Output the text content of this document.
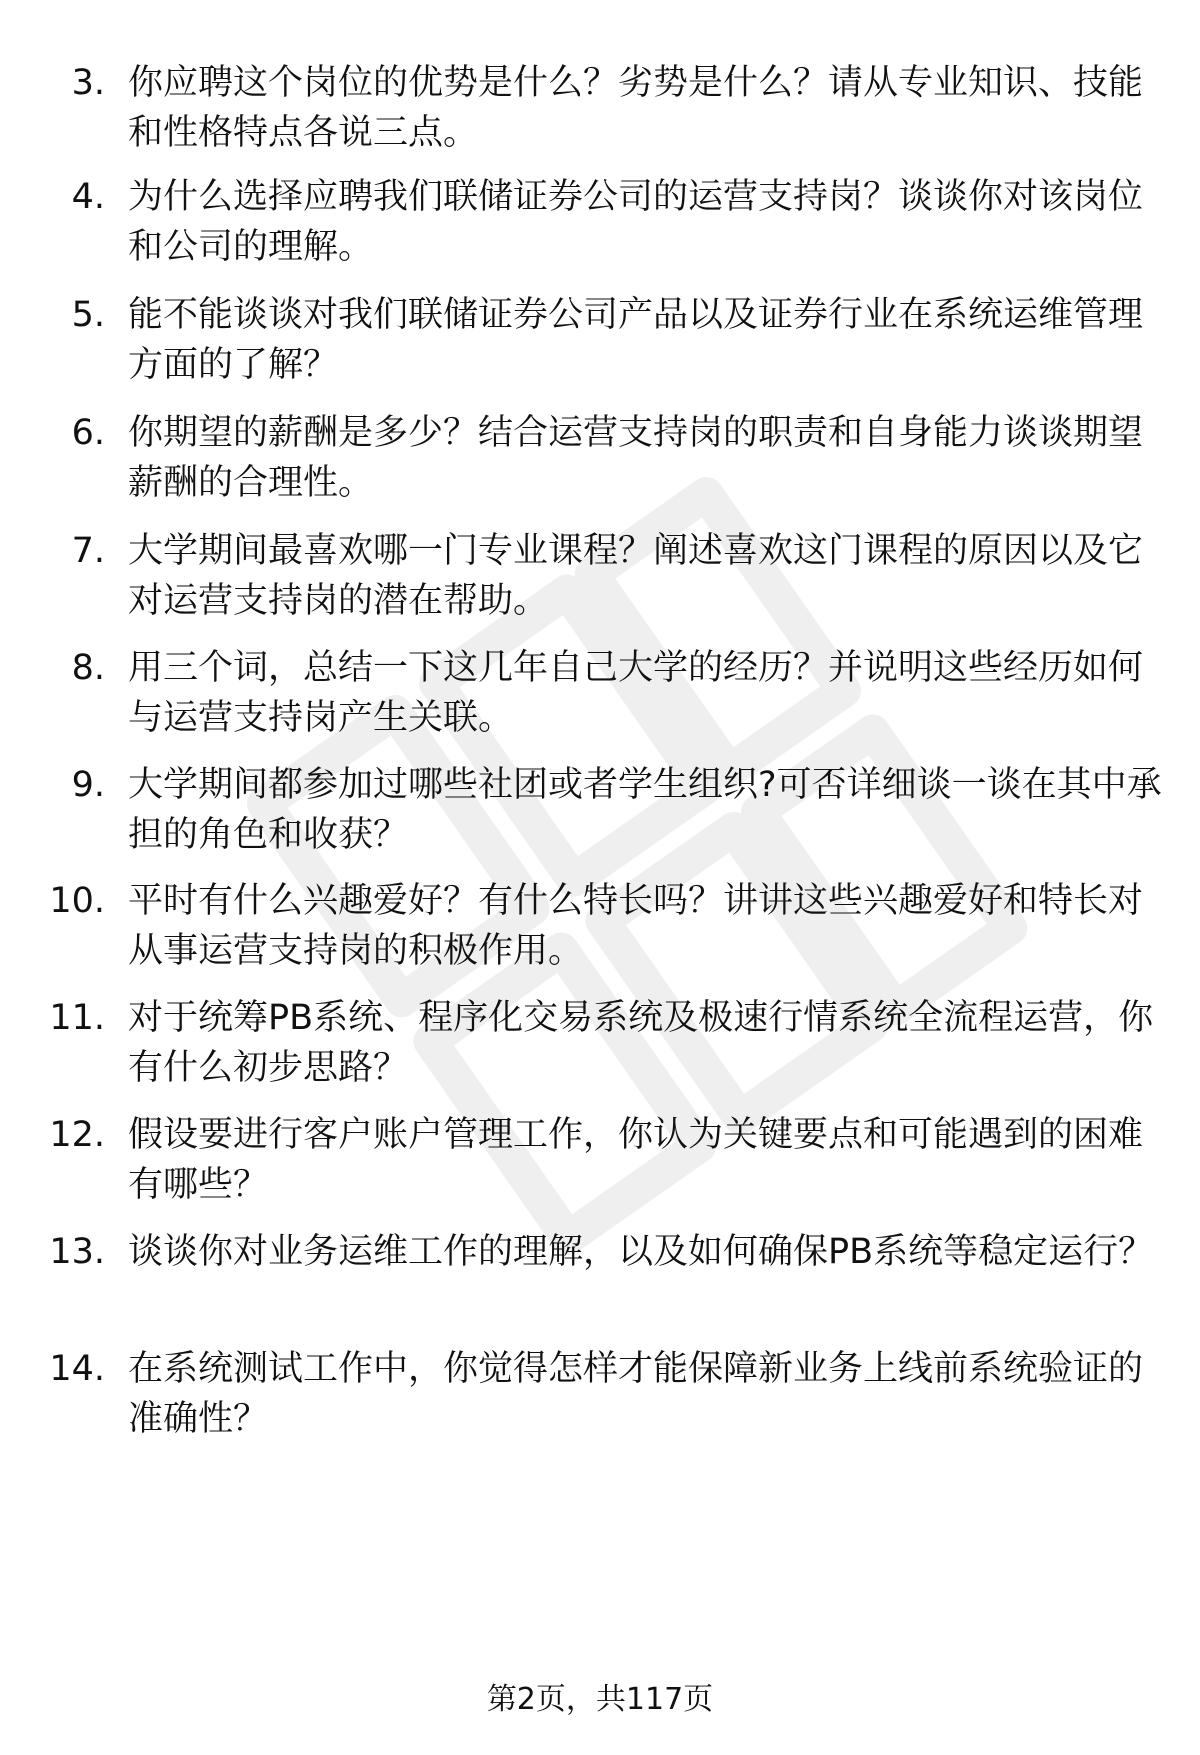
3. 你应聘这个岗位的优势是什么？劣势是什么？请从专业知识、技能和性格特点各说三点。
4. 为什么选择应聘我们联储证券公司的运营支持岗？谈谈你对该岗位和公司的理解。
5. 能不能谈谈对我们联储证券公司产品以及证券行业在系统运维管理方面的了解？
6. 你期望的薪酬是多少？结合运营支持岗的职责和自身能力谈谈期望薪酬的合理性。
7. 大学期间最喜欢哪一门专业课程？阐述喜欢这门课程的原因以及它对运营支持岗的潜在帮助。
8. 用三个词，总结一下这几年自己大学的经历？并说明这些经历如何与运营支持岗产生关联。
9. 大学期间都参加过哪些社团或者学生组织?可否详细谈一谈在其中承担的角色和收获？
10. 平时有什么兴趣爱好？有什么特长吗？讲讲这些兴趣爱好和特长对从事运营支持岗的积极作用。
11. 对于统筹PB系统、程序化交易系统及极速行情系统全流程运营，你有什么初步思路？
12. 假设要进行客户账户管理工作，你认为关键要点和可能遇到的困难有哪些？
13. 谈谈你对业务运维工作的理解，以及如何确保PB系统等稳定运行？
14. 在系统测试工作中，你觉得怎样才能保障新业务上线前系统验证的准确性？
第2页，共117页
